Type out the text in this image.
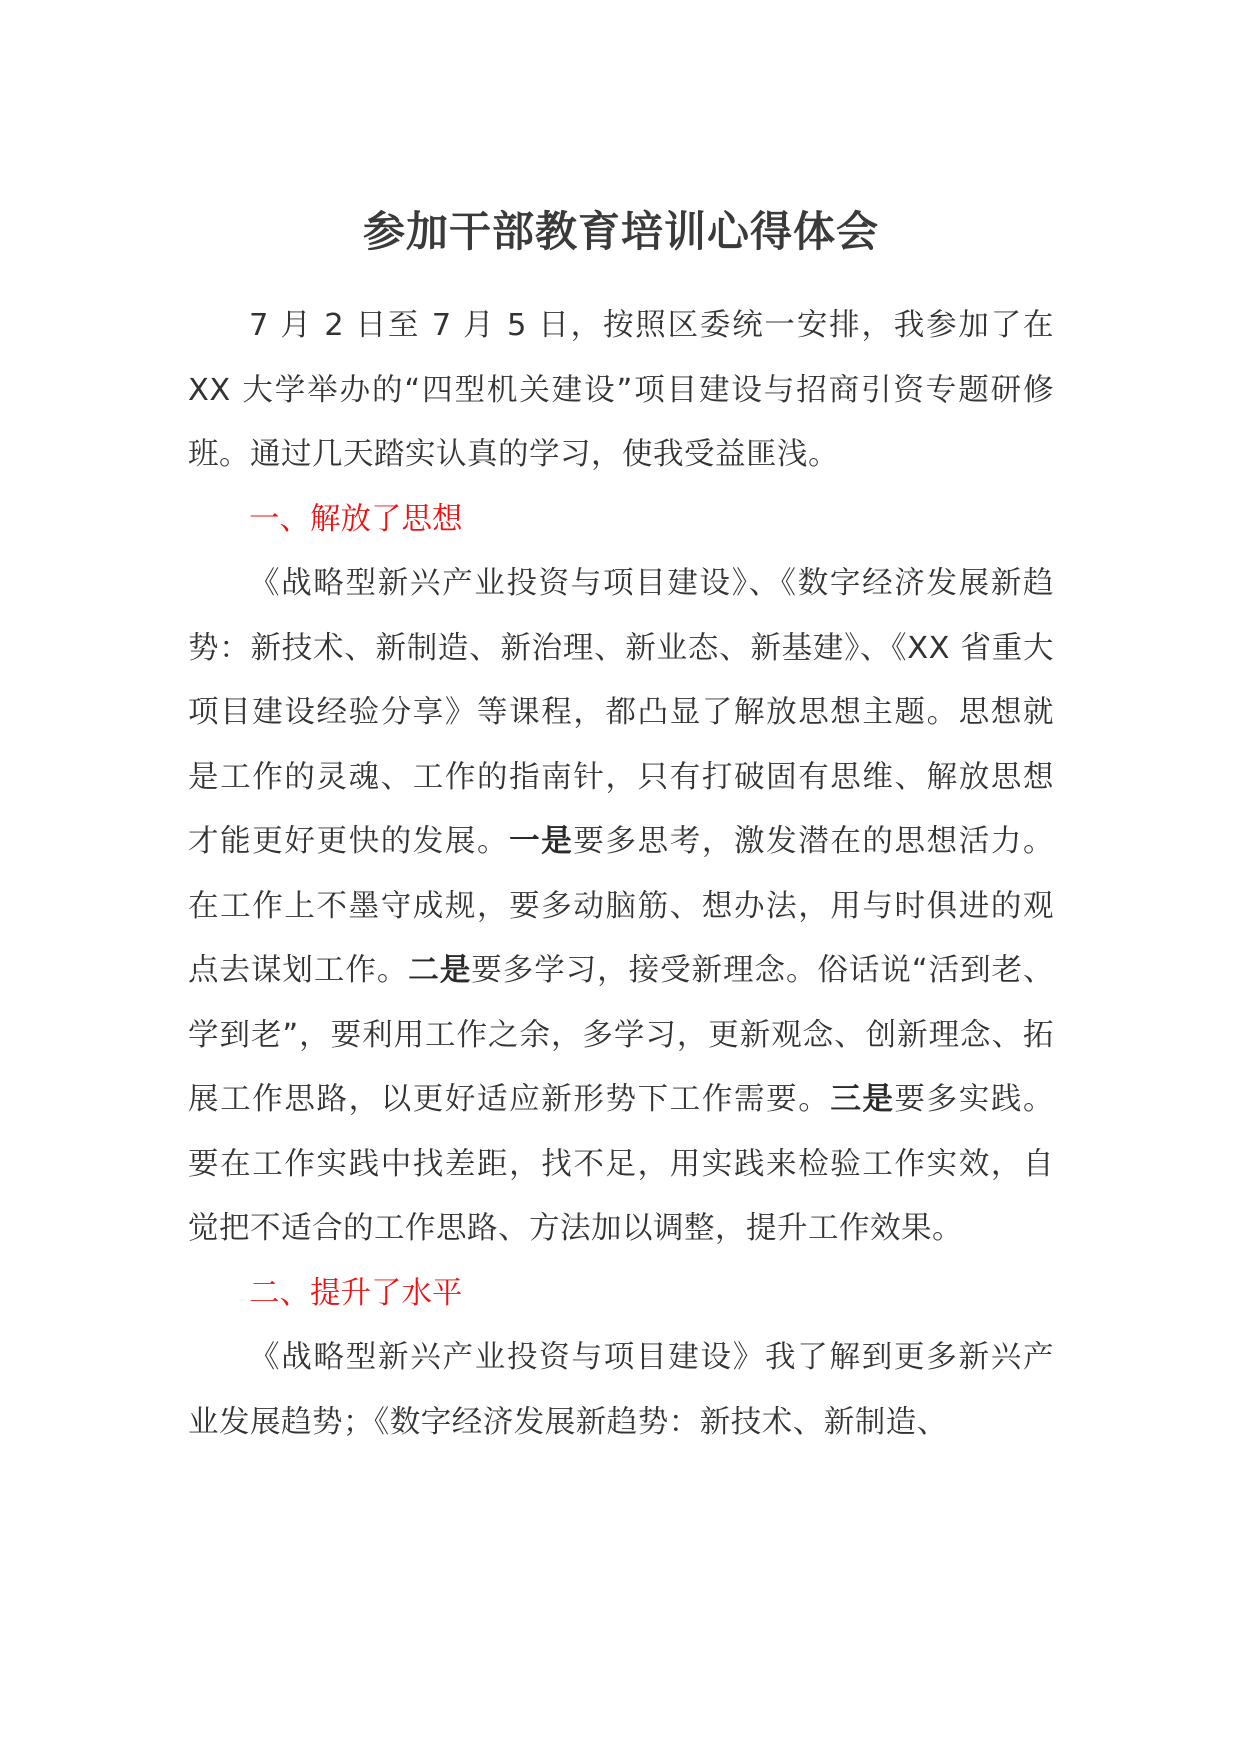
参加干部教育培训心得体会

7 月 2 日至 7 月 5 日，按照区委统一安排，我参加了在XX 大学举办的“四型机关建设”项目建设与招商引资专题研修班。通过几天踏实认真的学习，使我受益匪浅。

一、解放了思想

《战略型新兴产业投资与项目建设》、《数字经济发展新趋势：新技术、新制造、新治理、新业态、新基建》、《XX 省重大项目建设经验分享》等课程，都凸显了解放思想主题。思想就是工作的灵魂、工作的指南针，只有打破固有思维、解放思想才能更好更快的发展。一是要多思考，激发潜在的思想活力。在工作上不墨守成规，要多动脑筋、想办法，用与时俱进的观点去谋划工作。二是要多学习，接受新理念。俗话说“活到老、学到老”，要利用工作之余，多学习，更新观念、创新理念、拓展工作思路，以更好适应新形势下工作需要。三是要多实践。要在工作实践中找差距，找不足，用实践来检验工作实效，自觉把不适合的工作思路、方法加以调整，提升工作效果。

二、提升了水平

《战略型新兴产业投资与项目建设》我了解到更多新兴产业发展趋势；《数字经济发展新趋势：新技术、新制造、
